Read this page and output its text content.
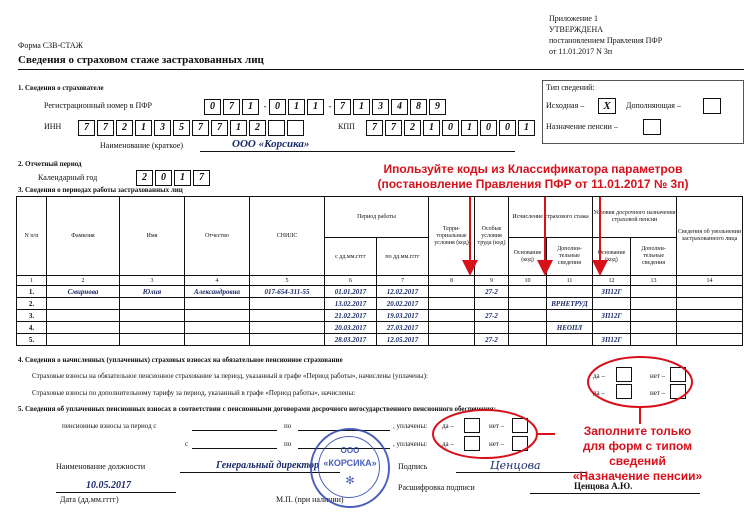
Приложение 1
УТВЕРЖДЕНА
постановлением Правления ПФР
от 11.01.2017 N 3п
Форма СЗВ-СТАЖ
Сведения о страховом стаже застрахованных лиц
1. Сведения о страхователе
Регистрационный номер в ПФР	0	7	1	- 0	1	1	- 7	1	3	4	8	9
ИНН	7	7	2	1	3	5	7	7	1	2	КПП	7	7	2	1	0	1	0	0	1
Наименование (краткое)	ООО «Корсика»
Тип сведений:
Исходная –	Х	Дополняющая –
Назначение пенсии –
2. Отчетный период
Календарный год	2	0	1	7
3. Сведения о периодах работы застрахованных лиц
N п/п	Фамилия	Имя	Отчество	СНИЛС	Период работы		Терри-ториальные условия (код)	Особые условия труда (код)	Исчисление страхового стажа		Условия досрочного назначения страховой пенсии		Сведения об увольнении застрахованного лица
					с дд.мм.гггг	по дд.мм.гггг			Основание (код)	Дополни-тельные сведения	Основание (код)	Дополни-тельные сведения	
1	2	3	4	5	6	7	8	9	10	11	12	13	14
1.	Смирнова	Юлия	Александровна	017-654-311-55	01.01.2017	12.02.2017		27-2			ЗП12Г		
2.					13.02.2017	20.02.2017				ВРНЕТРУД			
3.					21.02.2017	19.03.2017		27-2			ЗП12Г		
4.					20.03.2017	27.03.2017				НЕОПЛ			
5.					28.03.2017	12.05.2017		27-2			ЗП12Г		
4. Сведения о начисленных (уплаченных) страховых взносах на обязательное пенсионное страхование
Страховые взносы на обязательное пенсионное страхование за период, указанный в графе «Период работы», начислены (уплачены):
Страховые взносы по дополнительному тарифу за период, указанный в графе «Период работы», начислены:
да –	нет –
да –	нет –
5. Сведения об уплаченных пенсионных взносах в соответствии с пенсионными договорами досрочного негосударственного пенсионного обеспечения:
пенсионные взносы за период с	по	, уплачены:
с	по	, уплачены:
да –	нет –
да –	нет –
Наименование должности	Генеральный директор	Подпись	Ценцова
10.05.2017
Дата (дд.мм.гггг)	М.П. (при наличии)
Расшифровка подписи	Ценцова А.Ю.
ООО
«КОРСИКА»
✻
Ипользуйте коды из Классификатора параметров
(постановление Правления ПФР от 11.01.2017 № 3п)
Заполните только
для форм с типом сведений
«Назначение пенсии»
